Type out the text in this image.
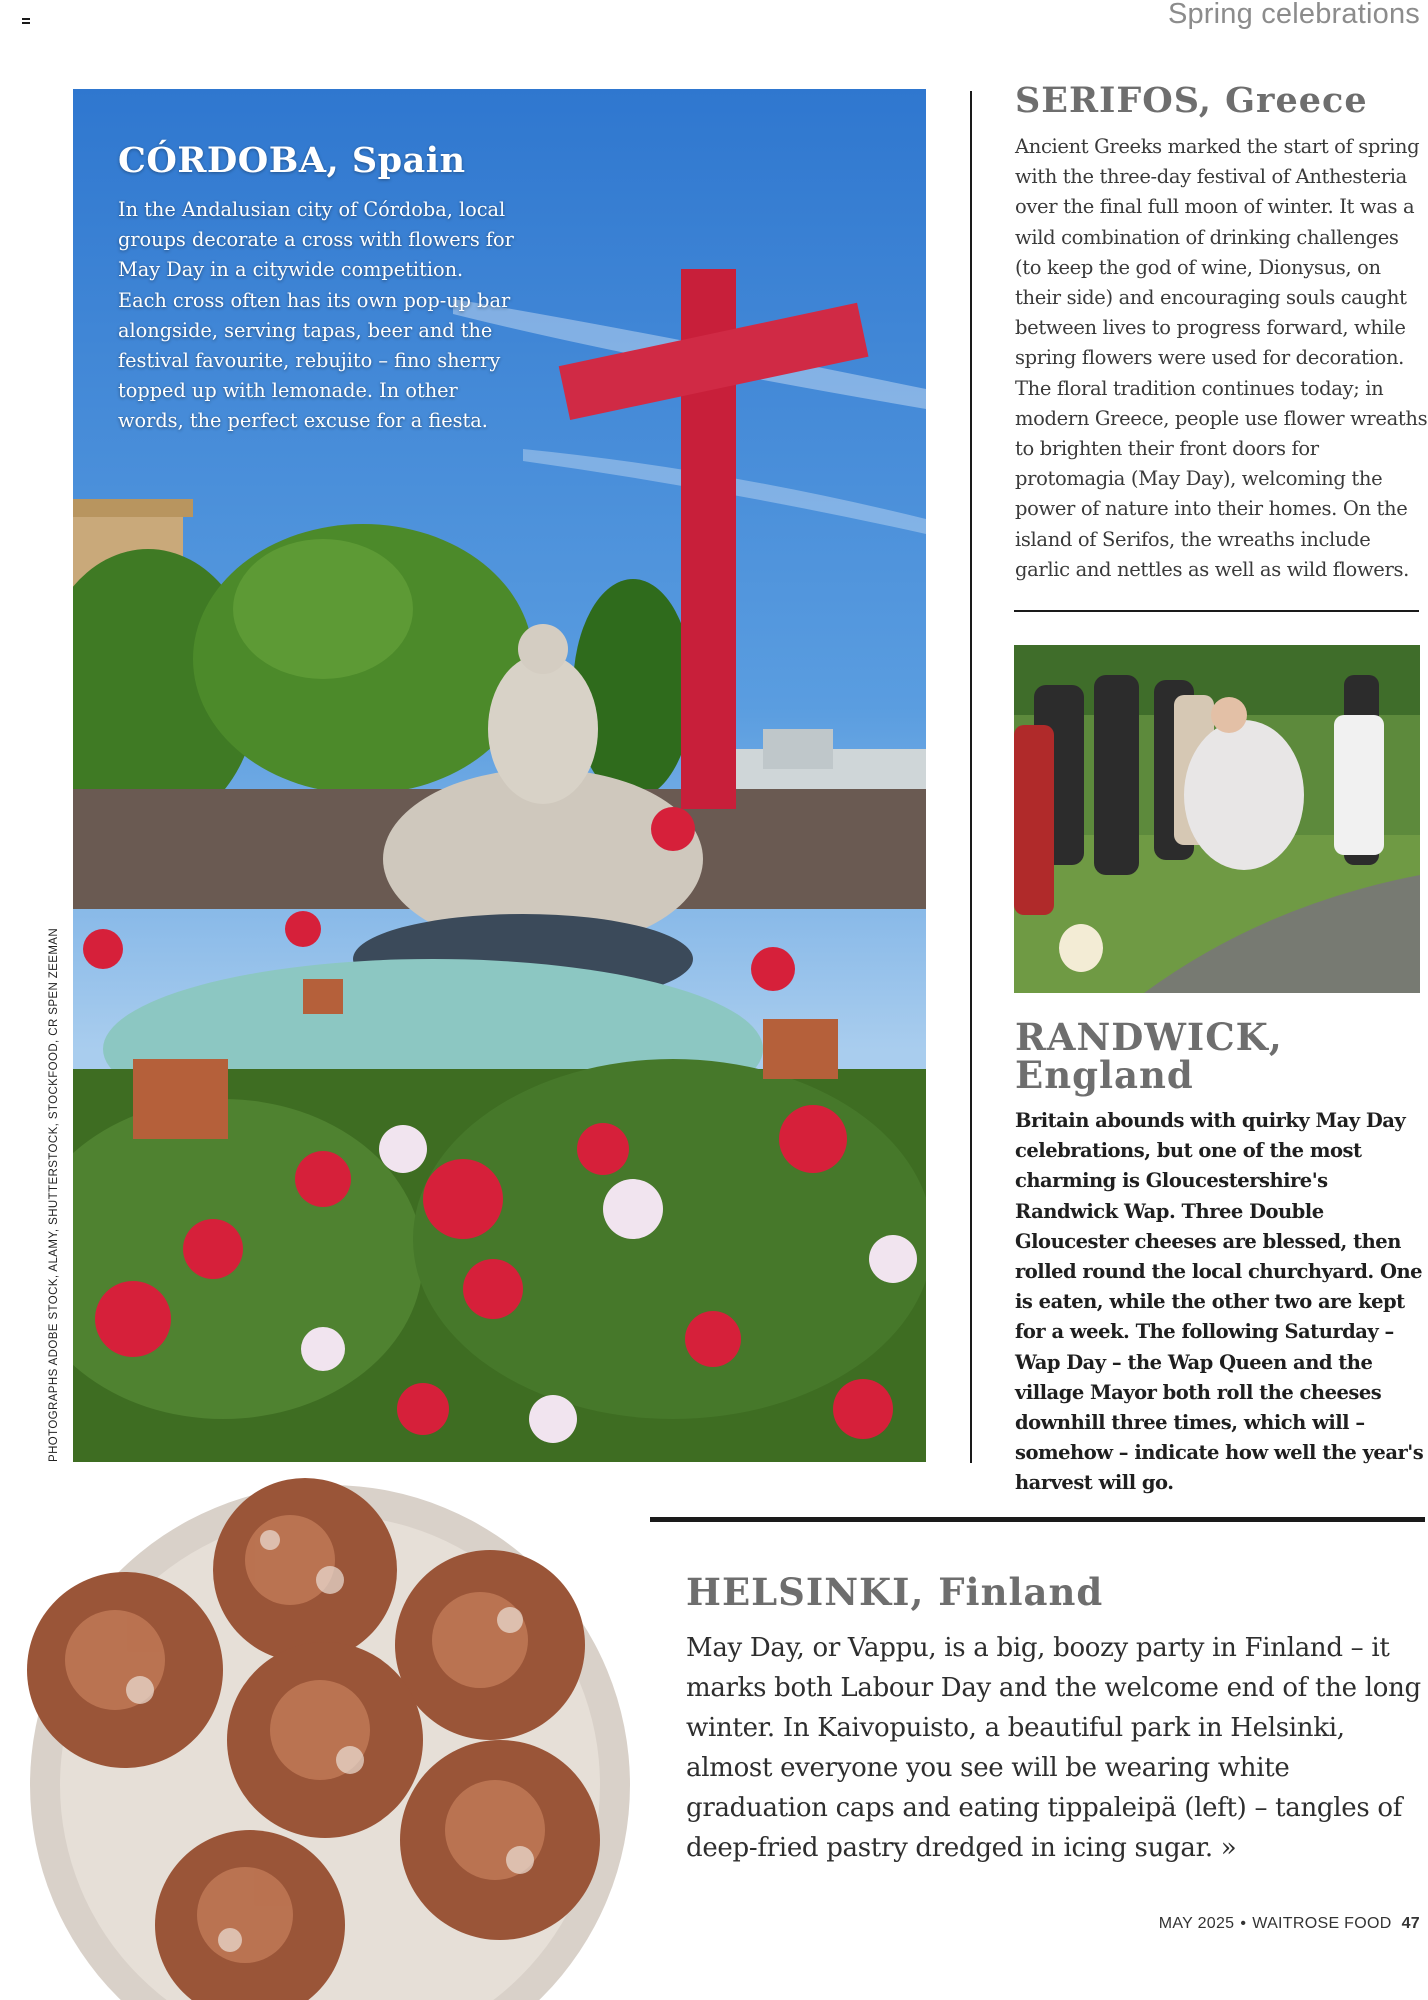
Spring celebrations
CÓRDOBA, Spain
In the Andalusian city of Córdoba, local groups decorate a cross with flowers for May Day in a citywide competition. Each cross often has its own pop-up bar alongside, serving tapas, beer and the festival favourite, rebujito – fino sherry topped up with lemonade. In other words, the perfect excuse for a fiesta.
PHOTOGRAPHS ADOBE STOCK, ALAMY, SHUTTERSTOCK, STOCKFOOD, CR SPEN ZEEMAN
SERIFOS, Greece
Ancient Greeks marked the start of spring with the three-day festival of Anthesteria over the final full moon of winter. It was a wild combination of drinking challenges (to keep the god of wine, Dionysus, on their side) and encouraging souls caught between lives to progress forward, while spring flowers were used for decoration. The floral tradition continues today; in modern Greece, people use flower wreaths to brighten their front doors for protomagia (May Day), welcoming the power of nature into their homes. On the island of Serifos, the wreaths include garlic and nettles as well as wild flowers.
RANDWICK, England
Britain abounds with quirky May Day celebrations, but one of the most charming is Gloucestershire's Randwick Wap. Three Double Gloucester cheeses are blessed, then rolled round the local churchyard. One is eaten, while the other two are kept for a week. The following Saturday – Wap Day – the Wap Queen and the village Mayor both roll the cheeses downhill three times, which will – somehow – indicate how well the year's harvest will go.
HELSINKI, Finland
May Day, or Vappu, is a big, boozy party in Finland – it marks both Labour Day and the welcome end of the long winter. In Kaivopuisto, a beautiful park in Helsinki, almost everyone you see will be wearing white graduation caps and eating tippaleipä (left) – tangles of deep-fried pastry dredged in icing sugar. »
MAY 2025 • WAITROSE FOOD 47
